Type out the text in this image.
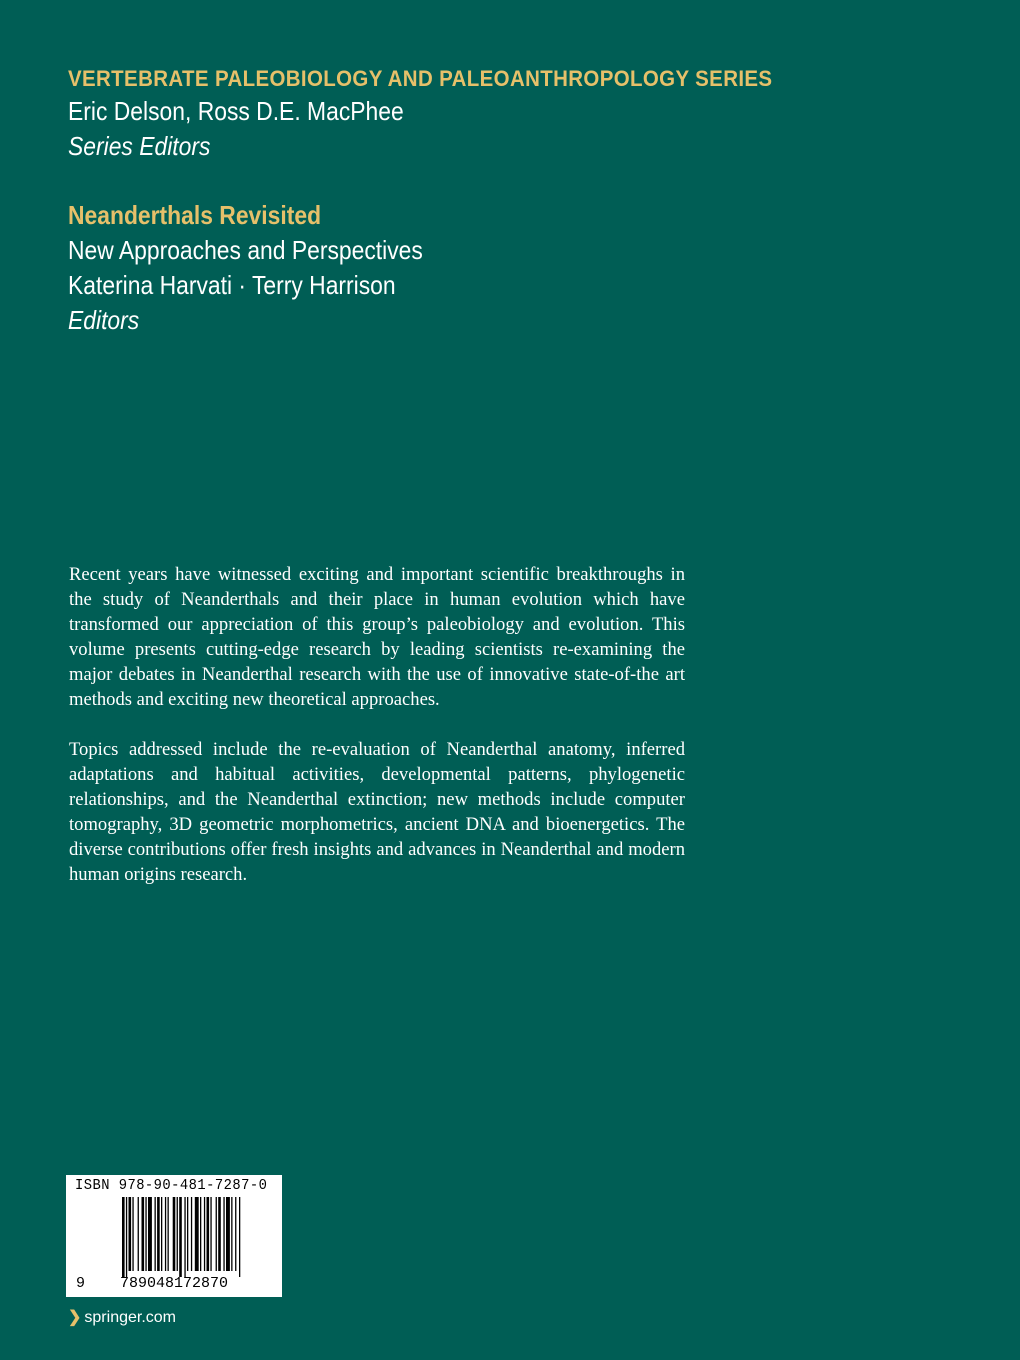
VERTEBRATE PALEOBIOLOGY AND PALEOANTHROPOLOGY SERIES
Eric Delson, Ross D.E. MacPhee
Series Editors
Neanderthals Revisited
New Approaches and Perspectives
Katerina Harvati · Terry Harrison
Editors

Recent years have witnessed exciting and important scientific breakthroughs in the study of Neanderthals and their place in human evolution which have transformed our appreciation of this group’s paleobiology and evolution. This volume presents cutting-edge research by leading scientists re-examining the major debates in Neanderthal research with the use of innovative state-of-the art methods and exciting new theoretical approaches.

Topics addressed include the re-evaluation of Neanderthal anatomy, inferred adaptations and habitual activities, developmental patterns, phylogenetic relationships, and the Neanderthal extinction; new methods include computer tomography, 3D geometric morphometrics, ancient DNA and bioenergetics. The diverse contributions offer fresh insights and advances in Neanderthal and modern human origins research.

ISBN 978-90-481-7287-0
9 789048172870
❯ springer.com
